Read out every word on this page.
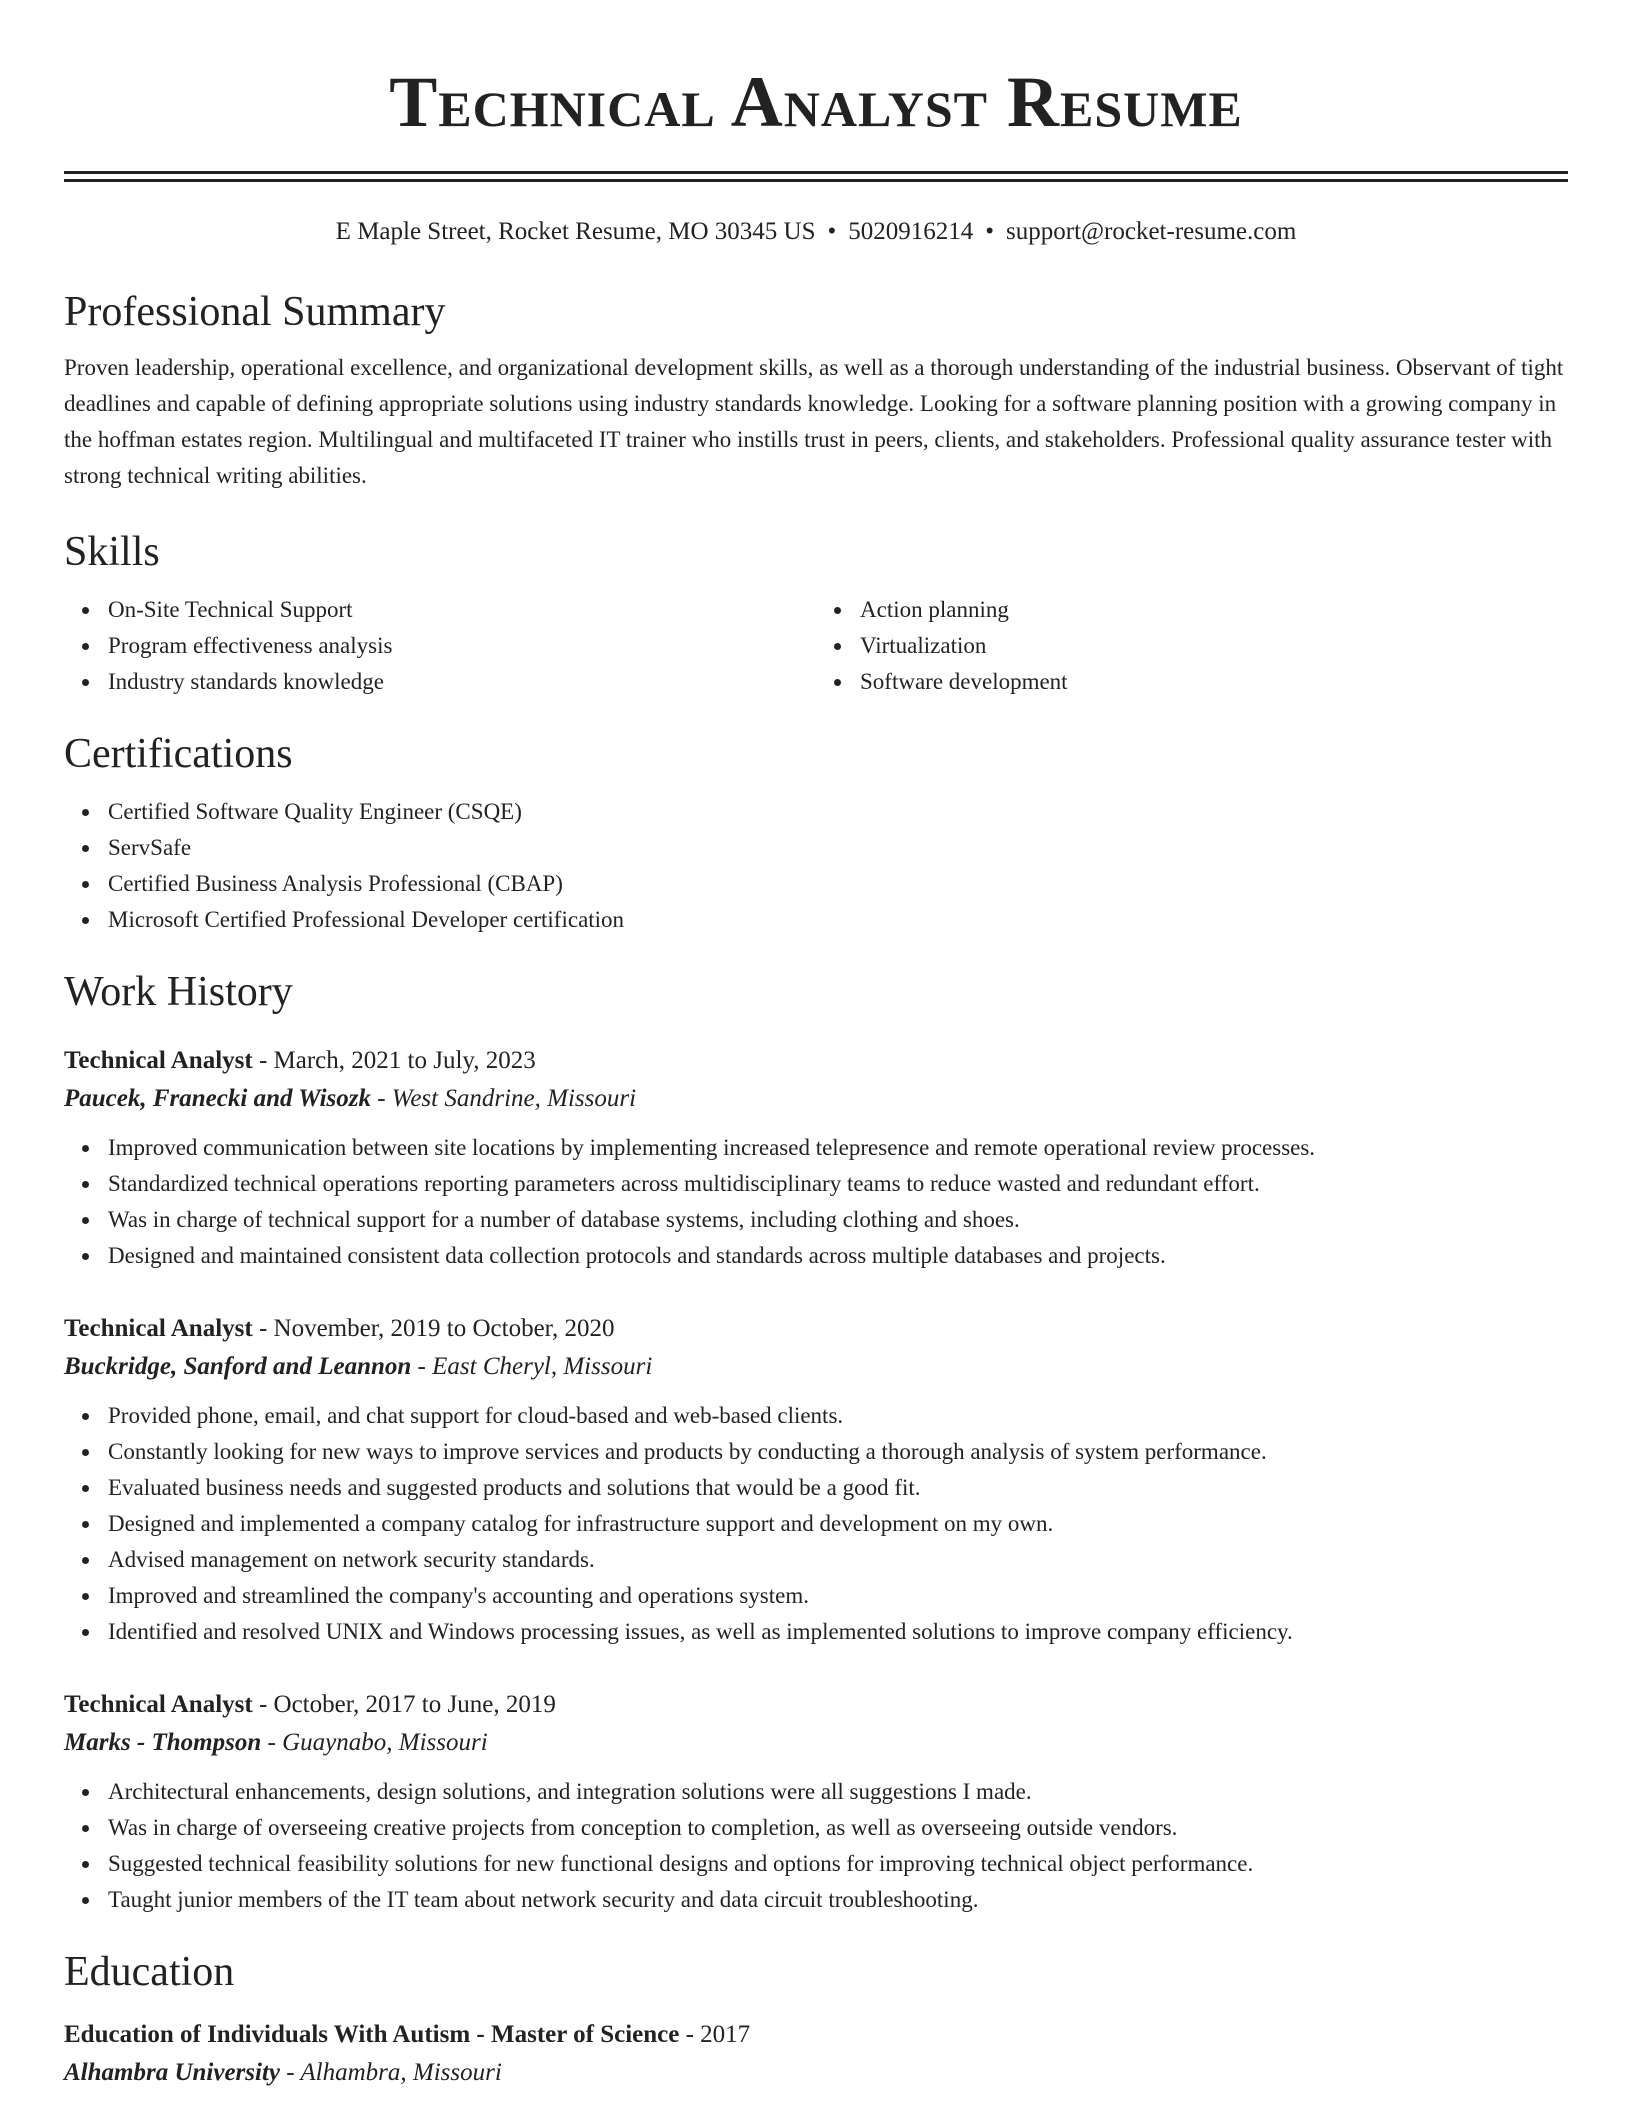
Technical Analyst Resume
E Maple Street, Rocket Resume, MO 30345 US • 5020916214 • support@rocket-resume.com
Professional Summary

Proven leadership, operational excellence, and organizational development skills, as well as a thorough understanding of the industrial business. Observant of tight deadlines and capable of defining appropriate solutions using industry standards knowledge. Looking for a software planning position with a growing company in the hoffman estates region. Multilingual and multifaceted IT trainer who instills trust in peers, clients, and stakeholders. Professional quality assurance tester with strong technical writing abilities.

Skills
On-Site Technical Support
Program effectiveness analysis
Industry standards knowledge
Action planning
Virtualization
Software development
Certifications
Certified Software Quality Engineer (CSQE)
ServSafe
Certified Business Analysis Professional (CBAP)
Microsoft Certified Professional Developer certification
Work History
Technical Analyst - March, 2021 to July, 2023
Paucek, Franecki and Wisozk - West Sandrine, Missouri
Improved communication between site locations by implementing increased telepresence and remote operational review processes.
Standardized technical operations reporting parameters across multidisciplinary teams to reduce wasted and redundant effort.
Was in charge of technical support for a number of database systems, including clothing and shoes.
Designed and maintained consistent data collection protocols and standards across multiple databases and projects.
Technical Analyst - November, 2019 to October, 2020
Buckridge, Sanford and Leannon - East Cheryl, Missouri
Provided phone, email, and chat support for cloud-based and web-based clients.
Constantly looking for new ways to improve services and products by conducting a thorough analysis of system performance.
Evaluated business needs and suggested products and solutions that would be a good fit.
Designed and implemented a company catalog for infrastructure support and development on my own.
Advised management on network security standards.
Improved and streamlined the company's accounting and operations system.
Identified and resolved UNIX and Windows processing issues, as well as implemented solutions to improve company efficiency.
Technical Analyst - October, 2017 to June, 2019
Marks - Thompson - Guaynabo, Missouri
Architectural enhancements, design solutions, and integration solutions were all suggestions I made.
Was in charge of overseeing creative projects from conception to completion, as well as overseeing outside vendors.
Suggested technical feasibility solutions for new functional designs and options for improving technical object performance.
Taught junior members of the IT team about network security and data circuit troubleshooting.
Education
Education of Individuals With Autism - Master of Science - 2017
Alhambra University - Alhambra, Missouri
